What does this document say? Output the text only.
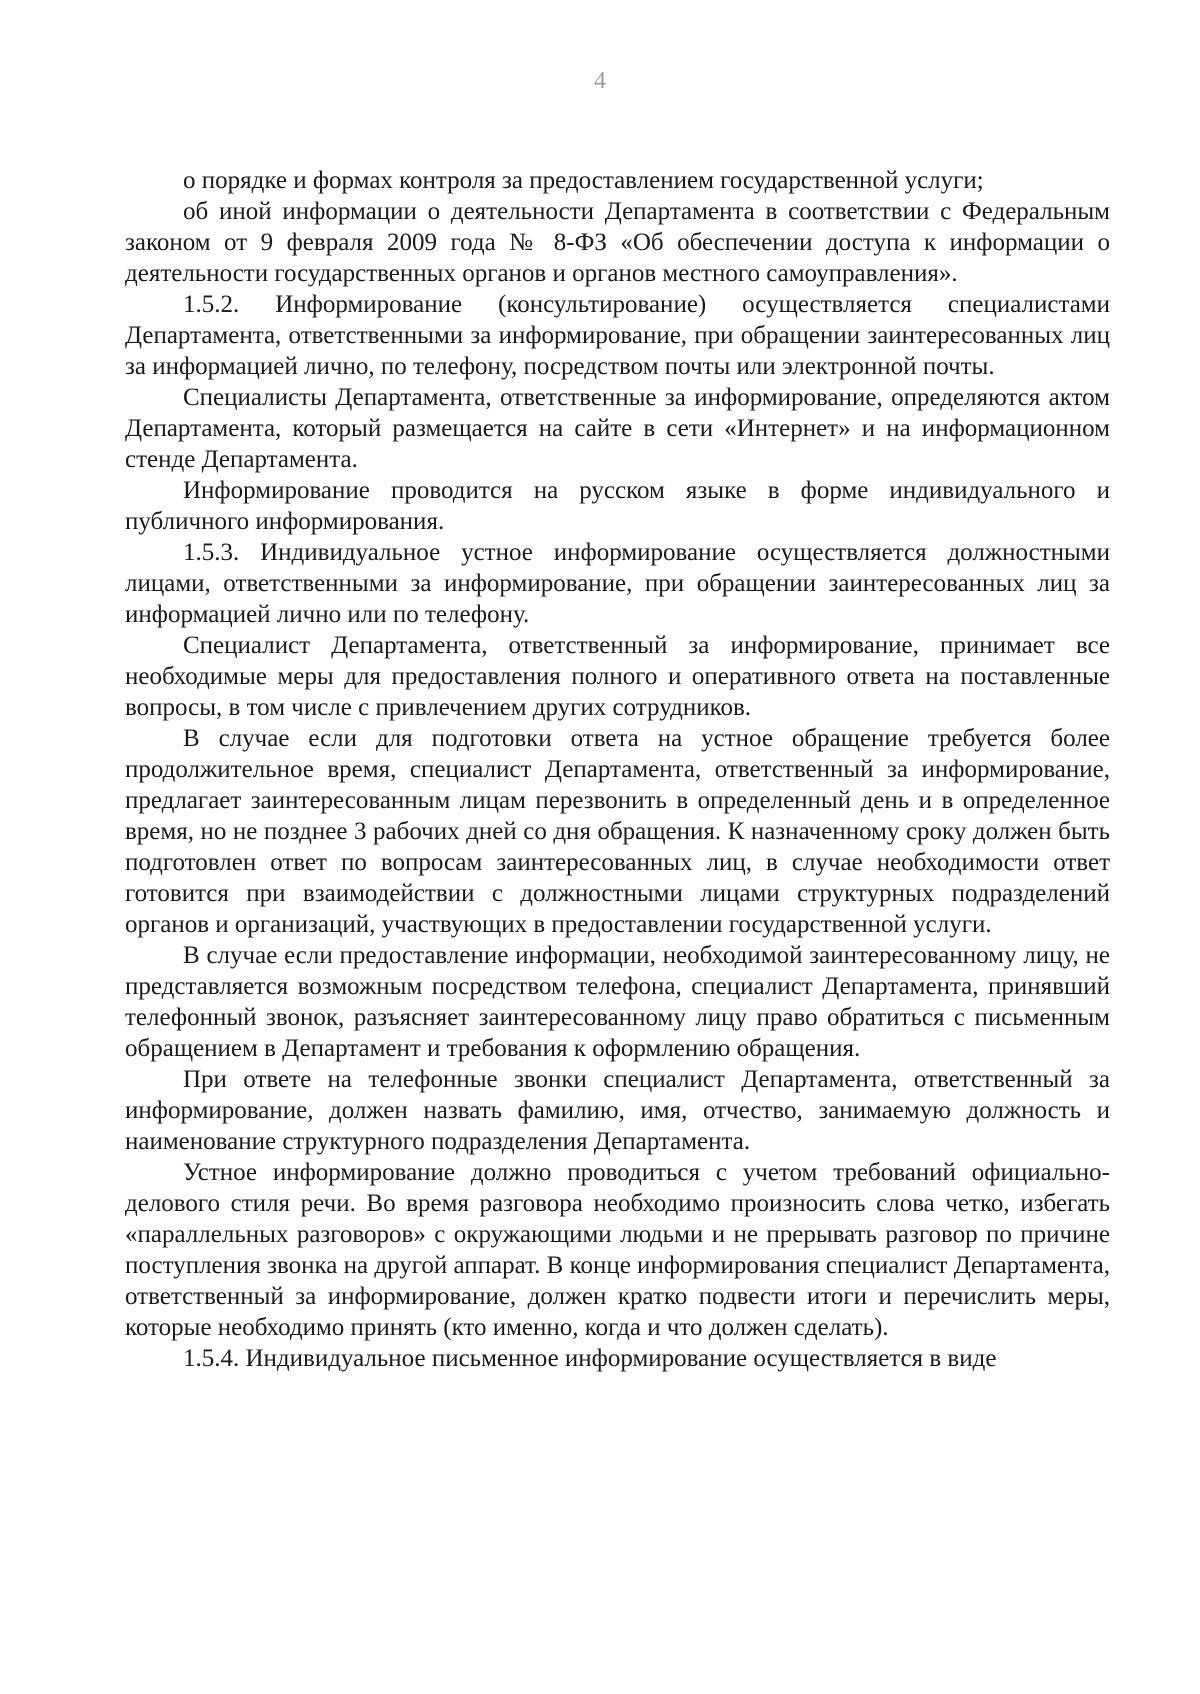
4

о порядке и формах контроля за предоставлением государственной услуги;

об иной информации о деятельности Департамента в соответствии с Федеральным законом от 9 февраля 2009 года № 8-ФЗ «Об обеспечении доступа к информации о деятельности государственных органов и органов местного самоуправления».

1.5.2. Информирование (консультирование) осуществляется специалистами Департамента, ответственными за информирование, при обращении заинтересованных лиц за информацией лично, по телефону, посредством почты или электронной почты.

Специалисты Департамента, ответственные за информирование, определяются актом Департамента, который размещается на сайте в сети «Интернет» и на информационном стенде Департамента.

Информирование проводится на русском языке в форме индивидуального и публичного информирования.

1.5.3. Индивидуальное устное информирование осуществляется должностными лицами, ответственными за информирование, при обращении заинтересованных лиц за информацией лично или по телефону.

Специалист Департамента, ответственный за информирование, принимает все необходимые меры для предоставления полного и оперативного ответа на поставленные вопросы, в том числе с привлечением других сотрудников.

В случае если для подготовки ответа на устное обращение требуется более продолжительное время, специалист Департамента, ответственный за информирование, предлагает заинтересованным лицам перезвонить в определенный день и в определенное время, но не позднее 3 рабочих дней со дня обращения. К назначенному сроку должен быть подготовлен ответ по вопросам заинтересованных лиц, в случае необходимости ответ готовится при взаимодействии с должностными лицами структурных подразделений органов и организаций, участвующих в предоставлении государственной услуги.

В случае если предоставление информации, необходимой заинтересованному лицу, не представляется возможным посредством телефона, специалист Департамента, принявший телефонный звонок, разъясняет заинтересованному лицу право обратиться с письменным обращением в Департамент и требования к оформлению обращения.

При ответе на телефонные звонки специалист Департамента, ответственный за информирование, должен назвать фамилию, имя, отчество, занимаемую должность и наименование структурного подразделения Департамента.

Устное информирование должно проводиться с учетом требований официально-делового стиля речи. Во время разговора необходимо произносить слова четко, избегать «параллельных разговоров» с окружающими людьми и не прерывать разговор по причине поступления звонка на другой аппарат. В конце информирования специалист Департамента, ответственный за информирование, должен кратко подвести итоги и перечислить меры, которые необходимо принять (кто именно, когда и что должен сделать).

1.5.4. Индивидуальное письменное информирование осуществляется в виде
